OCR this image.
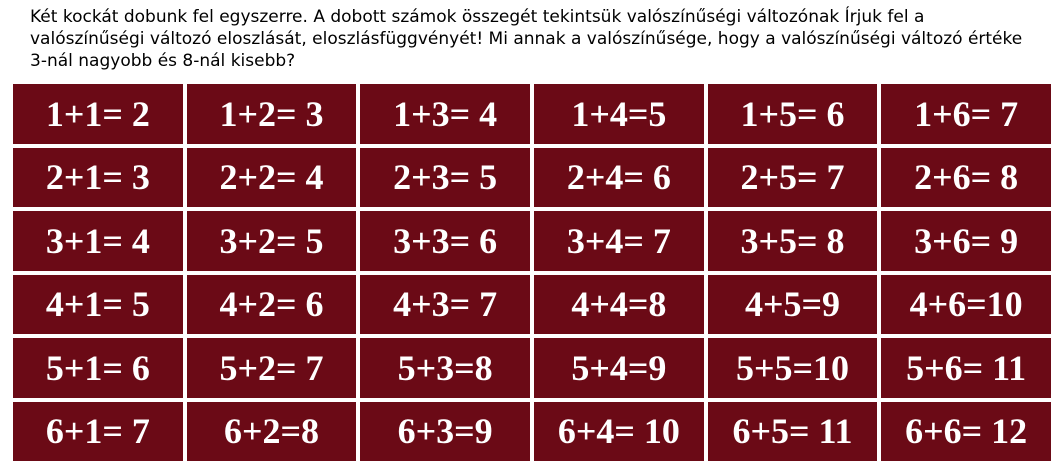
Két kockát dobunk fel egyszerre. A dobott számok összegét tekintsük valószínűségi változónak Írjuk fel a valószínűségi változó eloszlását, eloszlásfüggvényét! Mi annak a valószínűsége, hogy a valószínűségi változó értéke 3-nál nagyobb és 8-nál kisebb?
1+1= 2	1+2= 3	1+3= 4	1+4=5	1+5= 6	1+6= 7
2+1= 3	2+2= 4	2+3= 5	2+4= 6	2+5= 7	2+6= 8
3+1= 4	3+2= 5	3+3= 6	3+4= 7	3+5= 8	3+6= 9
4+1= 5	4+2= 6	4+3= 7	4+4=8	4+5=9	4+6=10
5+1= 6	5+2= 7	5+3=8	5+4=9	5+5=10	5+6= 11
6+1= 7	6+2=8	6+3=9	6+4= 10	6+5= 11	6+6= 12
